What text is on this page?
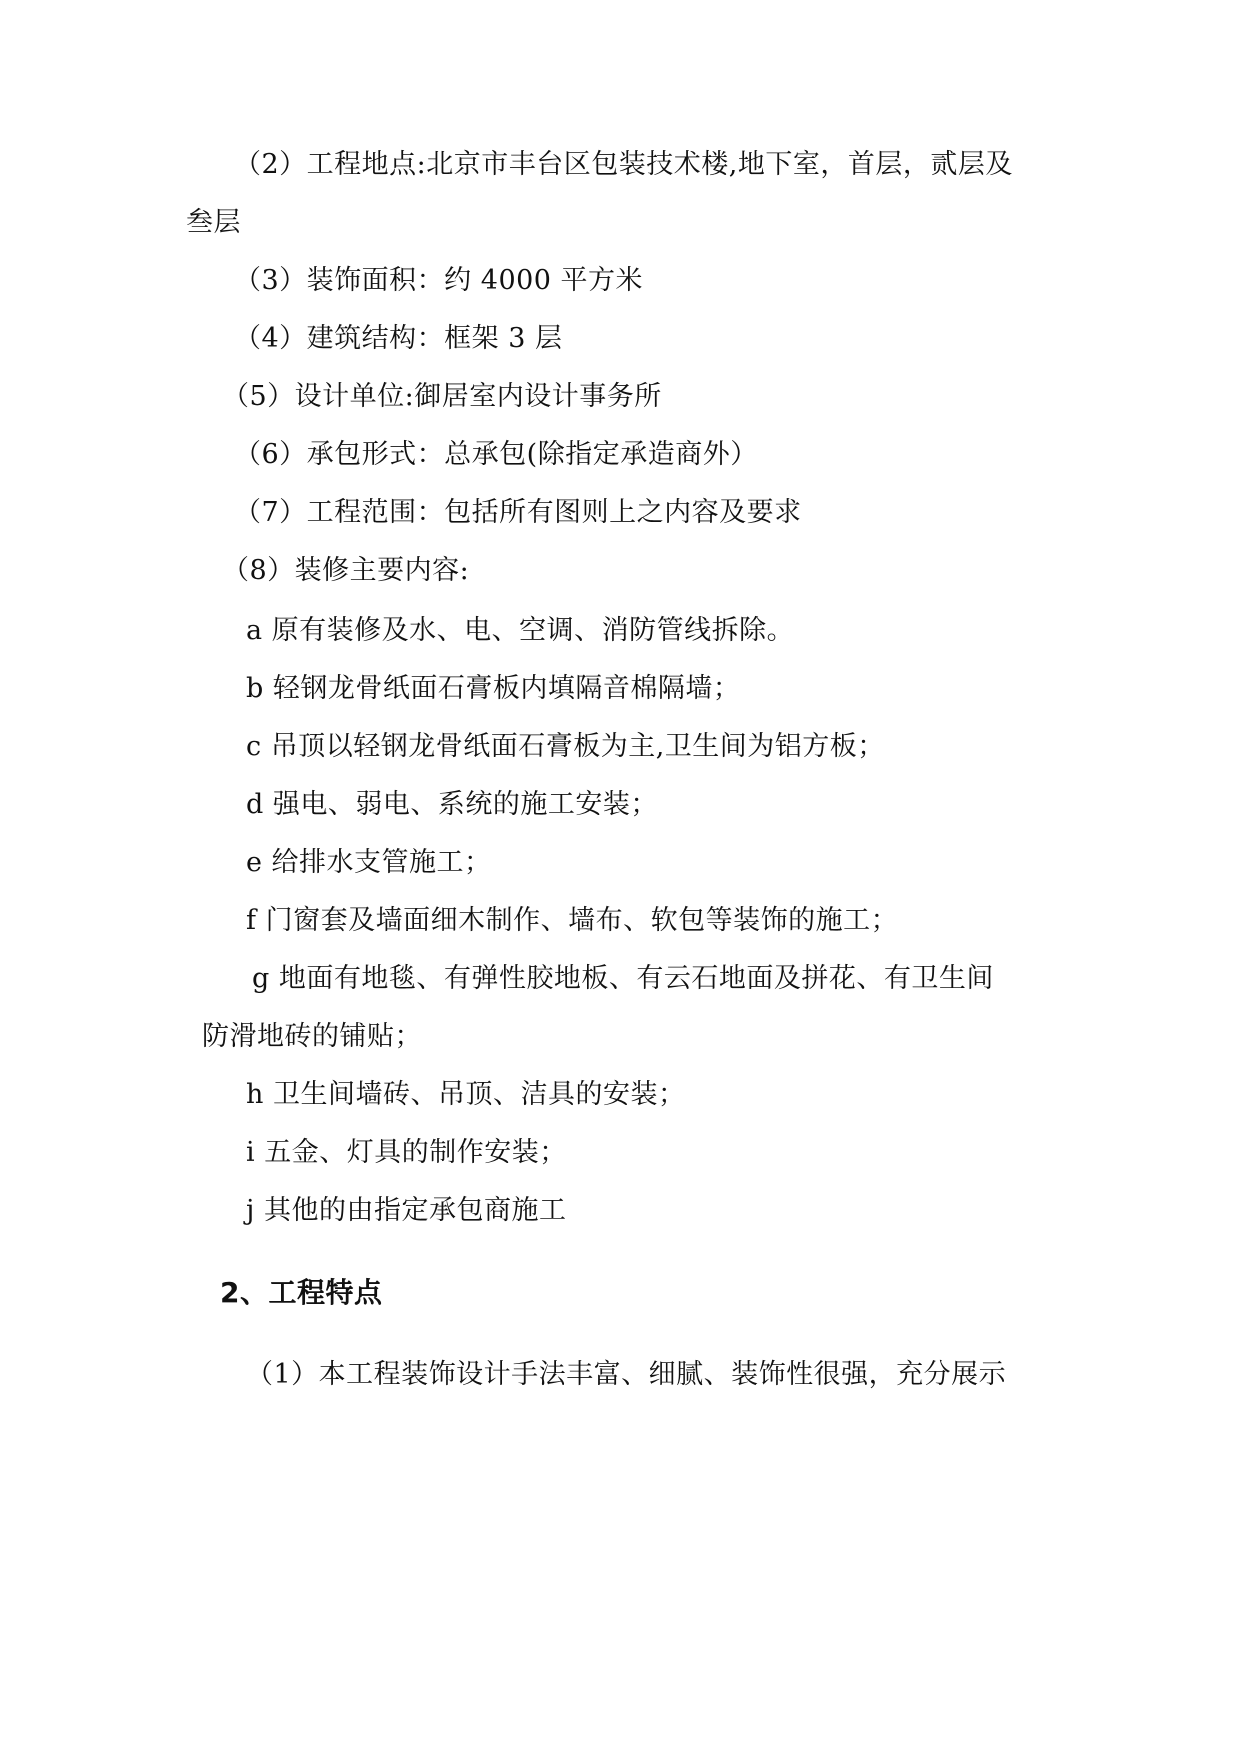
（2）工程地点:北京市丰台区包装技术楼,地下室，首层，贰层及
叁层
（3）装饰面积：约 4000 平方米
（4）建筑结构：框架 3 层
（5）设计单位:御居室内设计事务所
（6）承包形式：总承包(除指定承造商外）
（7）工程范围：包括所有图则上之内容及要求
（8）装修主要内容:
a 原有装修及水、电、空调、消防管线拆除。
b 轻钢龙骨纸面石膏板内填隔音棉隔墙；
c 吊顶以轻钢龙骨纸面石膏板为主,卫生间为铝方板；
d 强电、弱电、系统的施工安装；
e 给排水支管施工；
f 门窗套及墙面细木制作、墙布、软包等装饰的施工；
g 地面有地毯、有弹性胶地板、有云石地面及拼花、有卫生间
防滑地砖的铺贴；
h 卫生间墙砖、吊顶、洁具的安装；
i 五金、灯具的制作安装；
j 其他的由指定承包商施工
2、工程特点
（1）本工程装饰设计手法丰富、细腻、装饰性很强，充分展示
